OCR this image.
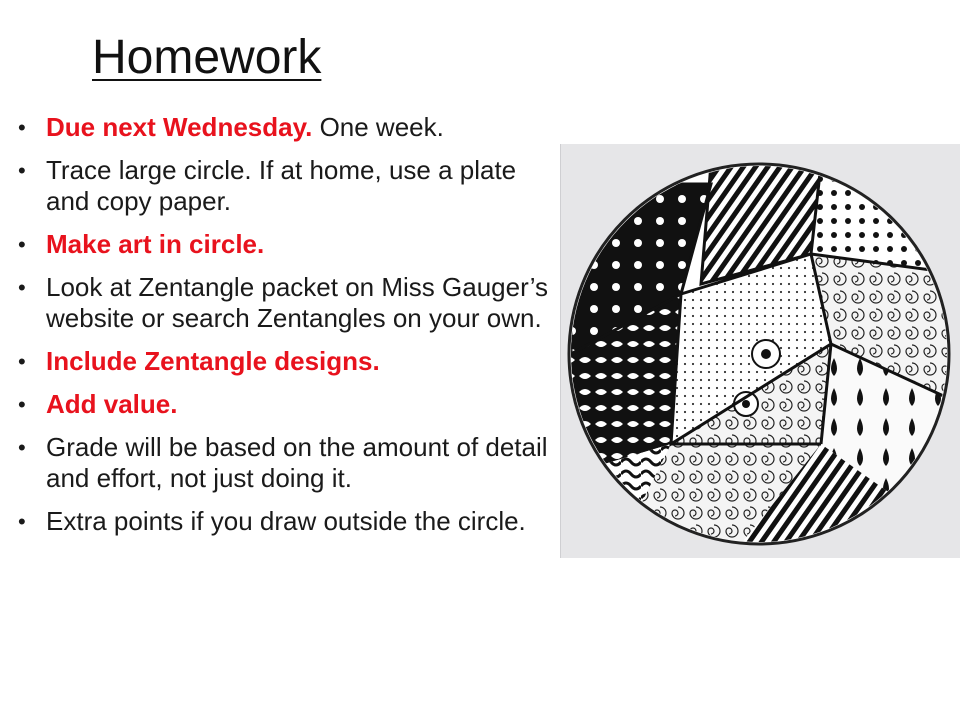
Homework
• Due next Wednesday. One week.
• Trace large circle. If at home, use a plate and copy paper.
• Make art in circle.
• Look at Zentangle packet on Miss Gauger’s website or search Zentangles on your own.
• Include Zentangle designs.
• Add value.
• Grade will be based on the amount of detail and effort, not just doing it.
• Extra points if you draw outside the circle.
